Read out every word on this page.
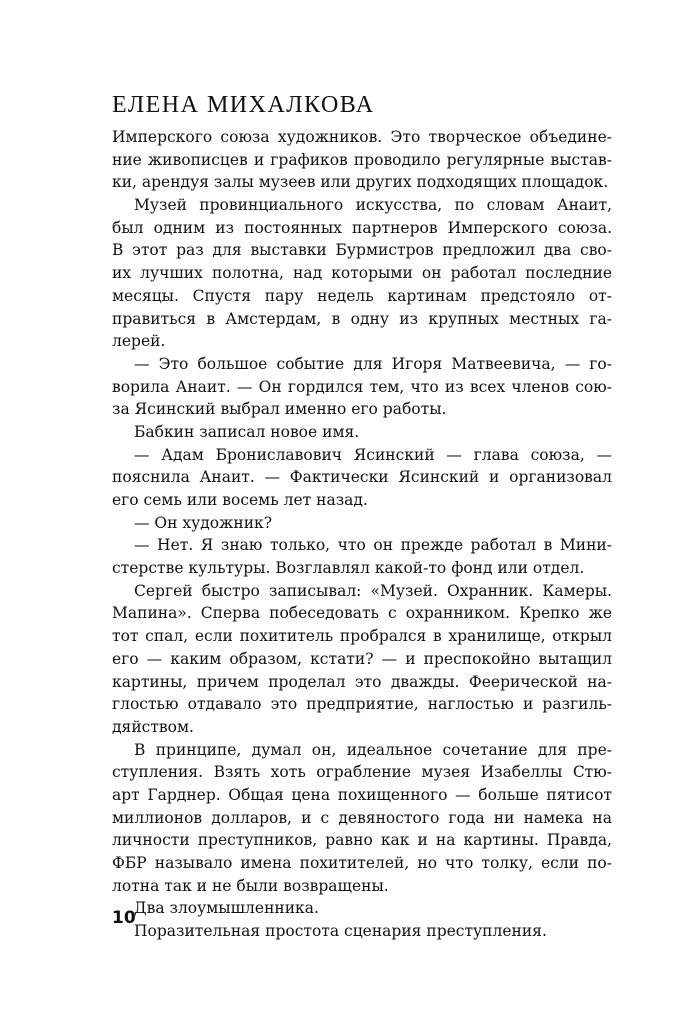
ЕЛЕНА МИХАЛКОВА
Имперского союза художников. Это творческое объедине-
ние живописцев и графиков проводило регулярные выстав-
ки, арендуя залы музеев или других подходящих площадок.
Музей провинциального искусства, по словам Анаит,
был одним из постоянных партнеров Имперского союза.
В этот раз для выставки Бурмистров предложил два сво-
их лучших полотна, над которыми он работал последние
месяцы. Спустя пару недель картинам предстояло от-
правиться в Амстердам, в одну из крупных местных га-
лерей.
— Это большое событие для Игоря Матвеевича, — го-
ворила Анаит. — Он гордился тем, что из всех членов сою-
за Ясинский выбрал именно его работы.
Бабкин записал новое имя.
— Адам Брониславович Ясинский — глава союза, —
пояснила Анаит. — Фактически Ясинский и организовал
его семь или восемь лет назад.
— Он художник?
— Нет. Я знаю только, что он прежде работал в Мини-
стерстве культуры. Возглавлял какой-то фонд или отдел.
Сергей быстро записывал: «Музей. Охранник. Камеры.
Мапина». Сперва побеседовать с охранником. Крепко же
тот спал, если похититель пробрался в хранилище, открыл
его — каким образом, кстати? — и преспокойно вытащил
картины, причем проделал это дважды. Феерической на-
глостью отдавало это предприятие, наглостью и разгиль-
дяйством.
В принципе, думал он, идеальное сочетание для пре-
ступления. Взять хоть ограбление музея Изабеллы Стю-
арт Гарднер. Общая цена похищенного — больше пятисот
миллионов долларов, и с девяностого года ни намека на
личности преступников, равно как и на картины. Правда,
ФБР называло имена похитителей, но что толку, если по-
лотна так и не были возвращены.
Два злоумышленника.
Поразительная простота сценария преступления.
10
